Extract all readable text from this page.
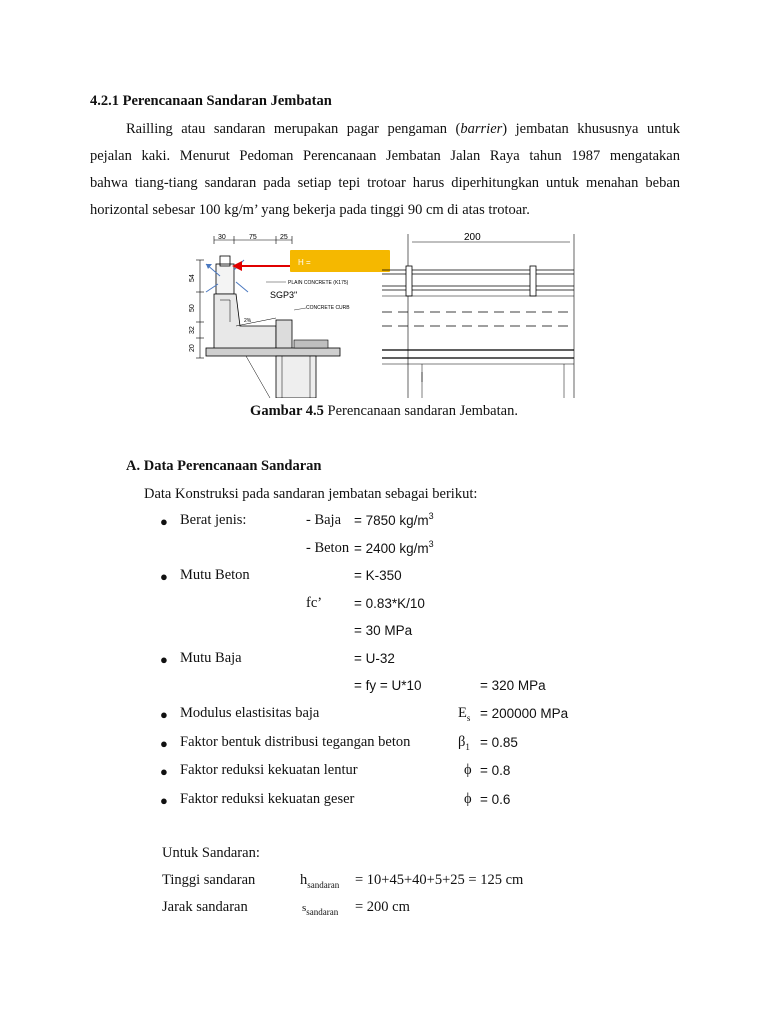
4.2.1 Perencanaan Sandaran Jembatan
Railling atau sandaran merupakan pagar pengaman (barrier) jembatan khususnya untuk
pejalan kaki. Menurut Pedoman Perencanaan Jembatan Jalan Raya tahun 1987 mengatakan
bahwa tiang-tiang sandaran pada setiap tepi trotoar harus diperhitungkan untuk menahan beban
horizontal sebesar 100 kg/m’ yang bekerja pada tinggi 90 cm di atas trotoar.
30	75	25
54
50
32
20
2%
H =
PLAIN CONCRETE (K175)
SGP3"
CONCRETE CURB
200
Gambar 4.5 Perencanaan sandaran Jembatan.
A. Data Perencanaan Sandaran
Data Konstruksi pada sandaran jembatan sebagai berikut:
● Berat jenis:	- Baja = 7850 $kg/m^3$
- Beton = 2400 $kg/m^3$
● Mutu Beton	= K-350
fc’ = 0.83*K/10
= 30 MPa
● Mutu Baja	= U-32
= fy = U*10	= 320 MPa
● Modulus elastisitas baja	$E_s = 200000$ MPa
● Faktor bentuk distribusi tegangan beton	$\beta_1 = 0.85$
● Faktor reduksi kekuatan lentur	ϕ = 0.8
● Faktor reduksi kekuatan geser	ϕ = 0.6
Untuk Sandaran:
Tinggi sandaran	$h_{sandaran} = 10+45+40+5+25 = 125$ cm
Jarak sandaran	$s_{sandaran} = 200$ cm
